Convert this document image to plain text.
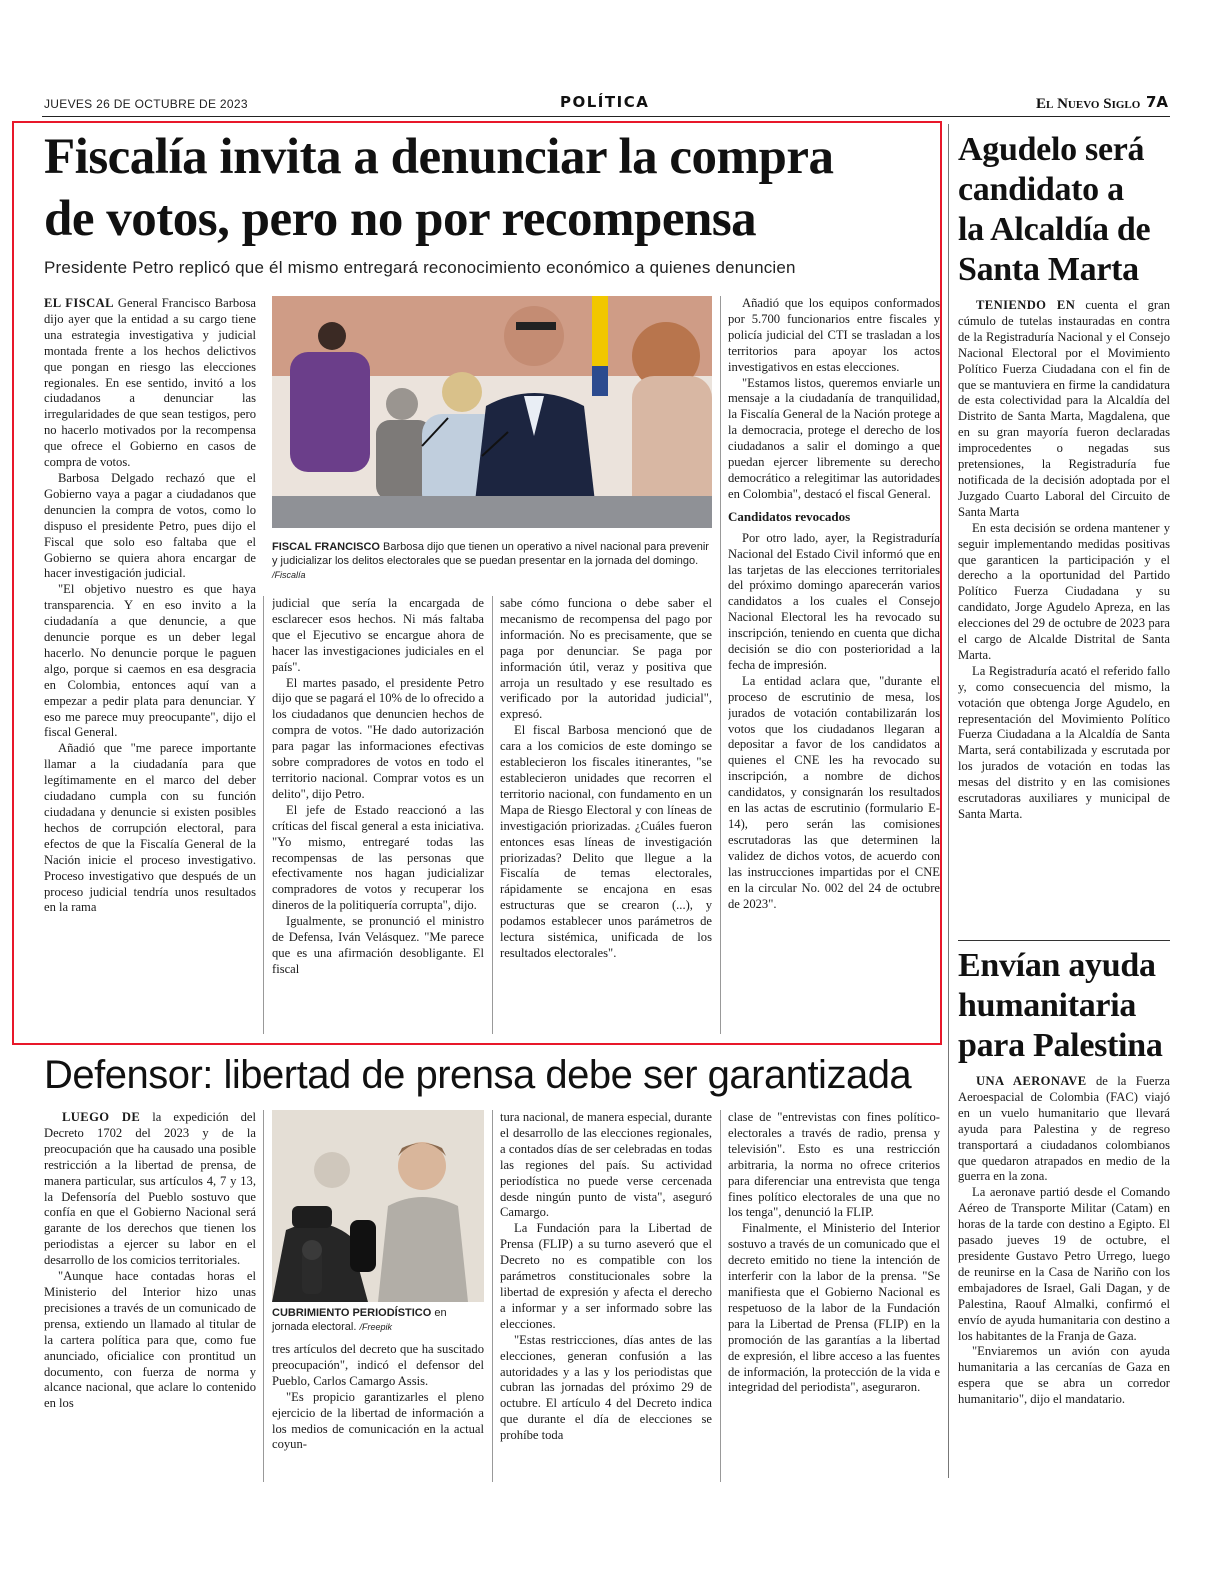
JUEVES 26 DE OCTUBRE DE 2023	POLÍTICA	El Nuevo Siglo 7A
Fiscalía invita a denunciar la compra
de votos, pero no por recompensa
Presidente Petro replicó que él mismo entregará reconocimiento económico a quienes denuncien
FISCAL FRANCISCO Barbosa dijo que tienen un operativo a nivel nacional para prevenir y judicializar los delitos electorales que se puedan presentar en la jornada del domingo. /Fiscalía

EL FISCAL General Francisco Barbosa dijo ayer que la entidad a su cargo tiene una estrategia investigativa y judicial montada frente a los hechos delictivos que pongan en riesgo las elecciones regionales. En ese sentido, invitó a los ciudadanos a denunciar las irregularidades de que sean testigos, pero no hacerlo motivados por la recompensa que ofrece el Gobierno en casos de compra de votos.

Barbosa Delgado rechazó que el Gobierno vaya a pagar a ciudadanos que denuncien la compra de votos, como lo dispuso el presidente Petro, pues dijo el Fiscal que solo eso faltaba que el Gobierno se quiera ahora encargar de hacer investigación judicial.

"El objetivo nuestro es que haya transparencia. Y en eso invito a la ciudadanía a que denuncie, a que denuncie porque es un deber legal hacerlo. No denuncie porque le paguen algo, porque si caemos en esa desgracia en Colombia, entonces aquí van a empezar a pedir plata para denunciar. Y eso me parece muy preocupante", dijo el fiscal General.

Añadió que "me parece importante llamar a la ciudadanía para que legítimamente en el marco del deber ciudadano cumpla con su función ciudadana y denuncie si existen posibles hechos de corrupción electoral, para efectos de que la Fiscalía General de la Nación inicie el proceso investigativo. Proceso investigativo que después de un proceso judicial tendría unos resultados en la rama

judicial que sería la encargada de esclarecer esos hechos. Ni más faltaba que el Ejecutivo se encargue ahora de hacer las investigaciones judiciales en el país".

El martes pasado, el presidente Petro dijo que se pagará el 10% de lo ofrecido a los ciudadanos que denuncien hechos de compra de votos. "He dado autorización para pagar las informaciones efectivas sobre compradores de votos en todo el territorio nacional. Comprar votos es un delito", dijo Petro.

El jefe de Estado reaccionó a las críticas del fiscal general a esta iniciativa. "Yo mismo, entregaré todas las recompensas de las personas que efectivamente nos hagan judicializar compradores de votos y recuperar los dineros de la politiquería corrupta", dijo.

Igualmente, se pronunció el ministro de Defensa, Iván Velásquez. "Me parece que es una afirmación desobligante. El fiscal

sabe cómo funciona o debe saber el mecanismo de recompensa del pago por información. No es precisamente, que se paga por denunciar. Se paga por información útil, veraz y positiva que arroja un resultado y ese resultado es verificado por la autoridad judicial", expresó.

El fiscal Barbosa mencionó que de cara a los comicios de este domingo se establecieron los fiscales itinerantes, "se establecieron unidades que recorren el territorio nacional, con fundamento en un Mapa de Riesgo Electoral y con líneas de investigación priorizadas. ¿Cuáles fueron entonces esas líneas de investigación priorizadas? Delito que llegue a la Fiscalía de temas electorales, rápidamente se encajona en esas estructuras que se crearon (...), y podamos establecer unos parámetros de lectura sistémica, unificada de los resultados electorales".

Añadió que los equipos conformados por 5.700 funcionarios entre fiscales y policía judicial del CTI se trasladan a los territorios para apoyar los actos investigativos en estas elecciones.

"Estamos listos, queremos enviarle un mensaje a la ciudadanía de tranquilidad, la Fiscalía General de la Nación protege a la democracia, protege el derecho de los ciudadanos a salir el domingo a que puedan ejercer libremente su derecho democrático a relegitimar las autoridades en Colombia", destacó el fiscal General.

Candidatos revocados

Por otro lado, ayer, la Registraduría Nacional del Estado Civil informó que en las tarjetas de las elecciones territoriales del próximo domingo aparecerán varios candidatos a los cuales el Consejo Nacional Electoral les ha revocado su inscripción, teniendo en cuenta que dicha decisión se dio con posterioridad a la fecha de impresión.

La entidad aclara que, "durante el proceso de escrutinio de mesa, los jurados de votación contabilizarán los votos que los ciudadanos llegaran a depositar a favor de los candidatos a quienes el CNE les ha revocado su inscripción, a nombre de dichos candidatos, y consignarán los resultados en las actas de escrutinio (formulario E-14), pero serán las comisiones escrutadoras las que determinen la validez de dichos votos, de acuerdo con las instrucciones impartidas por el CNE en la circular No. 002 del 24 de octubre de 2023".

Agudelo será
candidato a
la Alcaldía de
Santa Marta

TENIENDO EN cuenta el gran cúmulo de tutelas instauradas en contra de la Registraduría Nacional y el Consejo Nacional Electoral por el Movimiento Político Fuerza Ciudadana con el fin de que se mantuviera en firme la candidatura de esta colectividad para la Alcaldía del Distrito de Santa Marta, Magdalena, que en su gran mayoría fueron declaradas improcedentes o negadas sus pretensiones, la Registraduría fue notificada de la decisión adoptada por el Juzgado Cuarto Laboral del Circuito de Santa Marta

En esta decisión se ordena mantener y seguir implementando medidas positivas que garanticen la participación y el derecho a la oportunidad del Partido Político Fuerza Ciudadana y su candidato, Jorge Agudelo Apreza, en las elecciones del 29 de octubre de 2023 para el cargo de Alcalde Distrital de Santa Marta.

La Registraduría acató el referido fallo y, como consecuencia del mismo, la votación que obtenga Jorge Agudelo, en representación del Movimiento Político Fuerza Ciudadana a la Alcaldía de Santa Marta, será contabilizada y escrutada por los jurados de votación en todas las mesas del distrito y en las comisiones escrutadoras auxiliares y municipal de Santa Marta.

Envían ayuda
humanitaria
para Palestina

UNA AERONAVE de la Fuerza Aeroespacial de Colombia (FAC) viajó en un vuelo humanitario que llevará ayuda para Palestina y de regreso transportará a ciudadanos colombianos que quedaron atrapados en medio de la guerra en la zona.

La aeronave partió desde el Comando Aéreo de Transporte Militar (Catam) en horas de la tarde con destino a Egipto. El pasado jueves 19 de octubre, el presidente Gustavo Petro Urrego, luego de reunirse en la Casa de Nariño con los embajadores de Israel, Gali Dagan, y de Palestina, Raouf Almalki, confirmó el envío de ayuda humanitaria con destino a los habitantes de la Franja de Gaza.

"Enviaremos un avión con ayuda humanitaria a las cercanías de Gaza en espera que se abra un corredor humanitario", dijo el mandatario.

Defensor: libertad de prensa debe ser garantizada
CUBRIMIENTO PERIODÍSTICO en jornada electoral. /Freepik

LUEGO DE la expedición del Decreto 1702 del 2023 y de la preocupación que ha causado una posible restricción a la libertad de prensa, de manera particular, sus artículos 4, 7 y 13, la Defensoría del Pueblo sostuvo que confía en que el Gobierno Nacional será garante de los derechos que tienen los periodistas a ejercer su labor en el desarrollo de los comicios territoriales.

"Aunque hace contadas horas el Ministerio del Interior hizo unas precisiones a través de un comunicado de prensa, extiendo un llamado al titular de la cartera política para que, como fue anunciado, oficialice con prontitud un documento, con fuerza de norma y alcance nacional, que aclare lo contenido en los

tres artículos del decreto que ha suscitado preocupación", indicó el defensor del Pueblo, Carlos Camargo Assis.

"Es propicio garantizarles el pleno ejercicio de la libertad de información a los medios de comunicación en la actual coyun-

tura nacional, de manera especial, durante el desarrollo de las elecciones regionales, a contados días de ser celebradas en todas las regiones del país. Su actividad periodística no puede verse cercenada desde ningún punto de vista", aseguró Camargo.

La Fundación para la Libertad de Prensa (FLIP) a su turno aseveró que el Decreto no es compatible con los parámetros constitucionales sobre la libertad de expresión y afecta el derecho a informar y a ser informado sobre las elecciones.

"Estas restricciones, días antes de las elecciones, generan confusión a las autoridades y a las y los periodistas que cubran las jornadas del próximo 29 de octubre. El artículo 4 del Decreto indica que durante el día de elecciones se prohíbe toda

clase de "entrevistas con fines político-electorales a través de radio, prensa y televisión". Esto es una restricción arbitraria, la norma no ofrece criterios para diferenciar una entrevista que tenga fines político electorales de una que no los tenga", denunció la FLIP.

Finalmente, el Ministerio del Interior sostuvo a través de un comunicado que el decreto emitido no tiene la intención de interferir con la labor de la prensa. "Se manifiesta que el Gobierno Nacional es respetuoso de la labor de la Fundación para la Libertad de Prensa (FLIP) en la promoción de las garantías a la libertad de expresión, el libre acceso a las fuentes de información, la protección de la vida e integridad del periodista", aseguraron.
